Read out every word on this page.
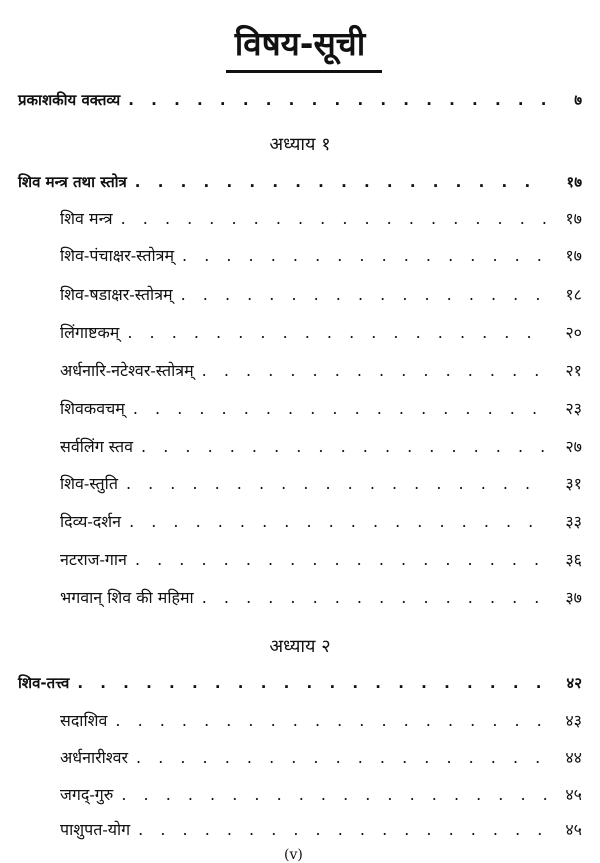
विषय-सूची
प्रकाशकीय वक्तव्य . . .	७
अध्याय १
शिव मन्त्र तथा स्तोत्र . . .	१७
शिव मन्त्र . . .	१७
शिव-पंचाक्षर-स्तोत्रम् . . .	१७
शिव-षडाक्षर-स्तोत्रम् . . .	१८
लिंगाष्टकम् . . .	२०
अर्धनारि-नटेश्वर-स्तोत्रम् . . .	२१
शिवकवचम् . . .	२३
सर्वलिंग स्तव . . .	२७
शिव-स्तुति . . .	३१
दिव्य-दर्शन . . .	३३
नटराज-गान . . .	३६
भगवान् शिव की महिमा . . .	३७
अध्याय २
शिव-तत्त्व . . .	४२
सदाशिव . . .	४३
अर्धनारीश्वर . . .	४४
जगद्-गुरु . . .	४५
पाशुपत-योग . . .	४५
(v)
